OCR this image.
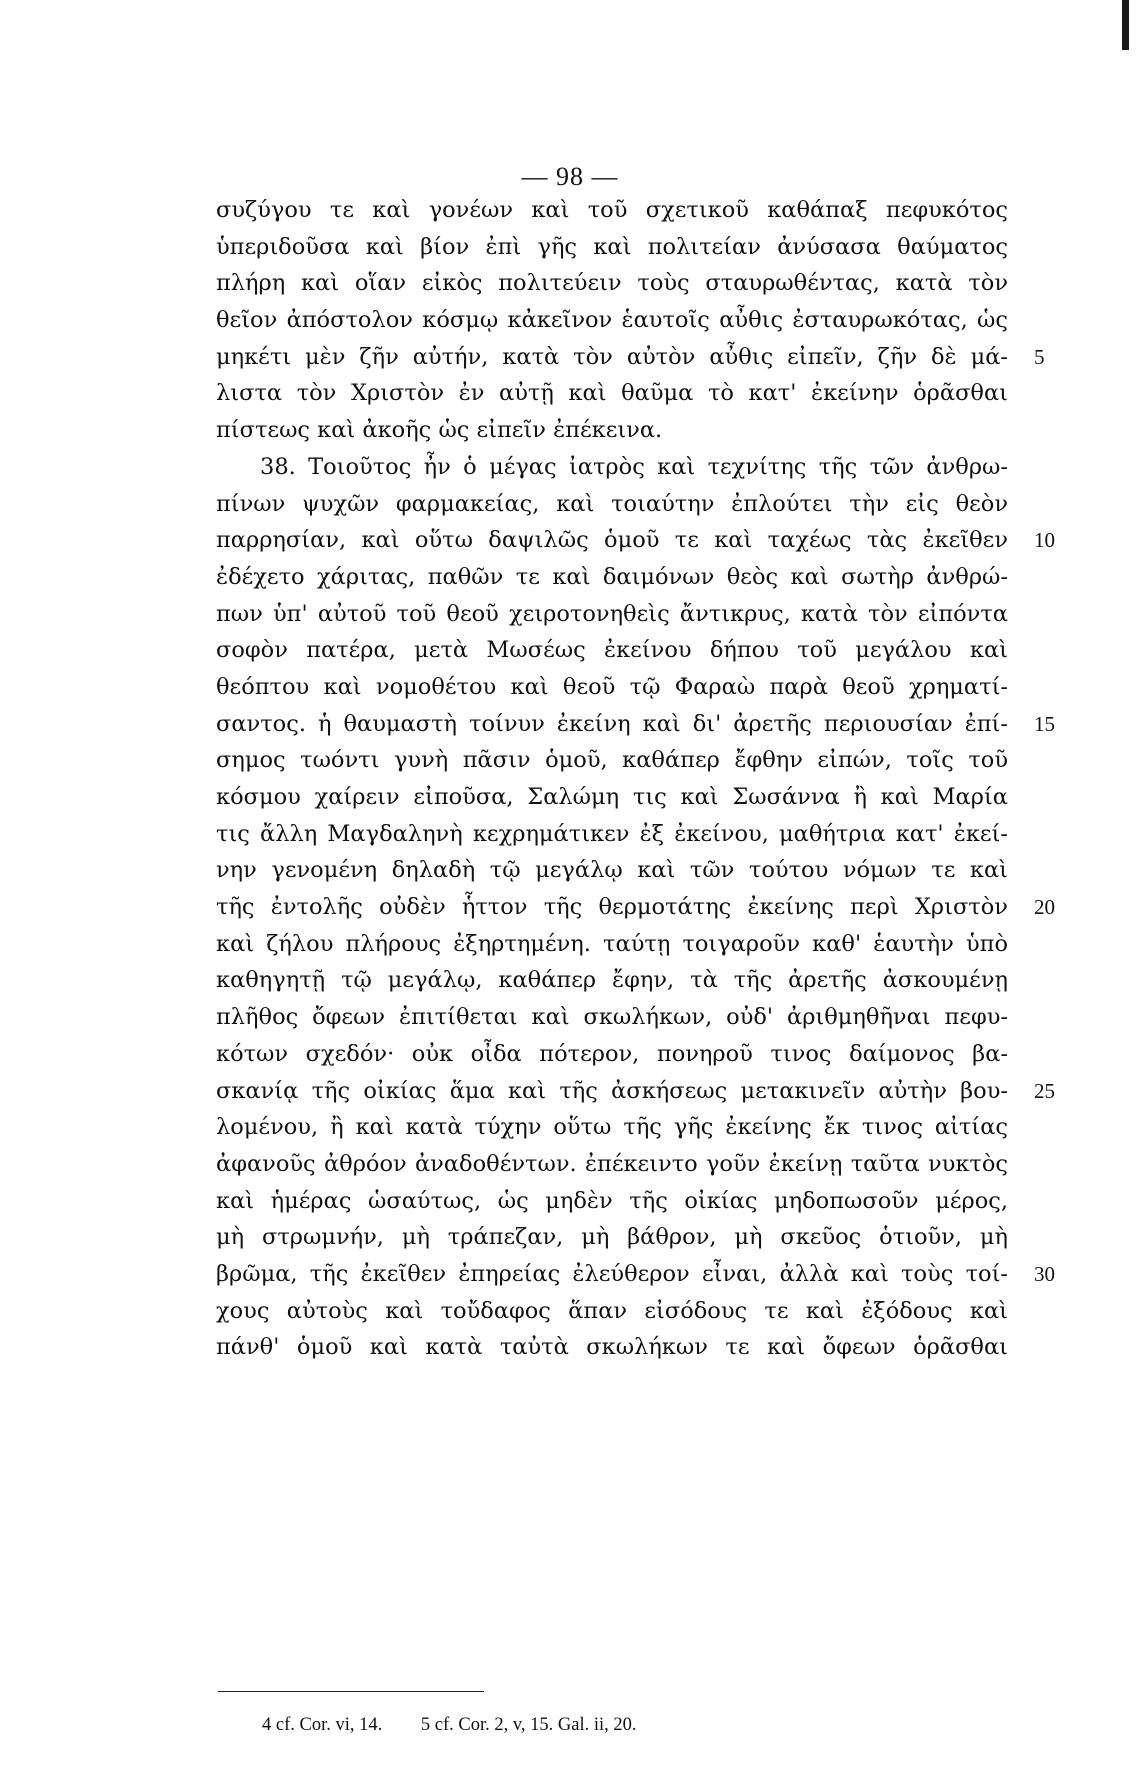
— 98 —
συζύγου τε καὶ γονέων καὶ τοῦ σχετικοῦ καθάπαξ πεφυκότος
ὑπεριδοῦσα καὶ βίον ἐπὶ γῆς καὶ πολιτείαν ἀνύσασα θαύματος
πλήρη καὶ οἵαν εἰκὸς πολιτεύειν τοὺς σταυρωθέντας, κατὰ τὸν
θεῖον ἀπόστολον κόσμῳ κἀκεῖνον ἑαυτοῖς αὖθις ἐσταυρωκότας, ὡς
μηκέτι μὲν ζῆν αὐτήν, κατὰ τὸν αὐτὸν αὖθις εἰπεῖν, ζῆν δὲ μά- 5
λιστα τὸν Χριστὸν ἐν αὐτῇ καὶ θαῦμα τὸ κατ' ἐκείνην ὁρᾶσθαι
πίστεως καὶ ἀκοῆς ὡς εἰπεῖν ἐπέκεινα.
38. Τοιοῦτος ἦν ὁ μέγας ἰατρὸς καὶ τεχνίτης τῆς τῶν ἀνθρω-
πίνων ψυχῶν φαρμακείας, καὶ τοιαύτην ἐπλούτει τὴν εἰς θεὸν
παρρησίαν, καὶ οὕτω δαψιλῶς ὁμοῦ τε καὶ ταχέως τὰς ἐκεῖθεν 10
ἐδέχετο χάριτας, παθῶν τε καὶ δαιμόνων θεὸς καὶ σωτὴρ ἀνθρώ-
πων ὑπ' αὐτοῦ τοῦ θεοῦ χειροτονηθεὶς ἄντικρυς, κατὰ τὸν εἰπόντα
σοφὸν πατέρα, μετὰ Μωσέως ἐκείνου δήπου τοῦ μεγάλου καὶ
θεόπτου καὶ νομοθέτου καὶ θεοῦ τῷ Φαραὼ παρὰ θεοῦ χρηματί-
σαντος. ἡ θαυμαστὴ τοίνυν ἐκείνη καὶ δι' ἀρετῆς περιουσίαν ἐπί- 15
σημος τωόντι γυνὴ πᾶσιν ὁμοῦ, καθάπερ ἔφθην εἰπών, τοῖς τοῦ
κόσμου χαίρειν εἰποῦσα, Σαλώμη τις καὶ Σωσάννα ἢ καὶ Μαρία
τις ἄλλη Μαγδαληνὴ κεχρημάτικεν ἐξ ἐκείνου, μαθήτρια κατ' ἐκεί-
νην γενομένη δηλαδὴ τῷ μεγάλῳ καὶ τῶν τούτου νόμων τε καὶ
τῆς ἐντολῆς οὐδὲν ἧττον τῆς θερμοτάτης ἐκείνης περὶ Χριστὸν 20
καὶ ζήλου πλήρους ἐξηρτημένη. ταύτῃ τοιγαροῦν καθ' ἑαυτὴν ὑπὸ
καθηγητῇ τῷ μεγάλῳ, καθάπερ ἔφην, τὰ τῆς ἀρετῆς ἀσκουμένῃ
πλῆθος ὄφεων ἐπιτίθεται καὶ σκωλήκων, οὐδ' ἀριθμηθῆναι πεφυ-
κότων σχεδόν· οὐκ οἶδα πότερον, πονηροῦ τινος δαίμονος βα-
σκανίᾳ τῆς οἰκίας ἅμα καὶ τῆς ἀσκήσεως μετακινεῖν αὐτὴν βου- 25
λομένου, ἢ καὶ κατὰ τύχην οὕτω τῆς γῆς ἐκείνης ἔκ τινος αἰτίας
ἀφανοῦς ἀθρόον ἀναδοθέντων. ἐπέκειντο γοῦν ἐκείνῃ ταῦτα νυκτὸς
καὶ ἡμέρας ὡσαύτως, ὡς μηδὲν τῆς οἰκίας μηδοπωσοῦν μέρος,
μὴ στρωμνήν, μὴ τράπεζαν, μὴ βάθρον, μὴ σκεῦος ὁτιοῦν, μὴ
βρῶμα, τῆς ἐκεῖθεν ἐπηρείας ἐλεύθερον εἶναι, ἀλλὰ καὶ τοὺς τοί- 30
χους αὐτοὺς καὶ τοὔδαφος ἅπαν εἰσόδους τε καὶ ἐξόδους καὶ
πάνθ' ὁμοῦ καὶ κατὰ ταὐτὰ σκωλήκων τε καὶ ὄφεων ὁρᾶσθαι
4 cf. Cor. vi, 14. 5 cf. Cor. 2, v, 15. Gal. ii, 20.
